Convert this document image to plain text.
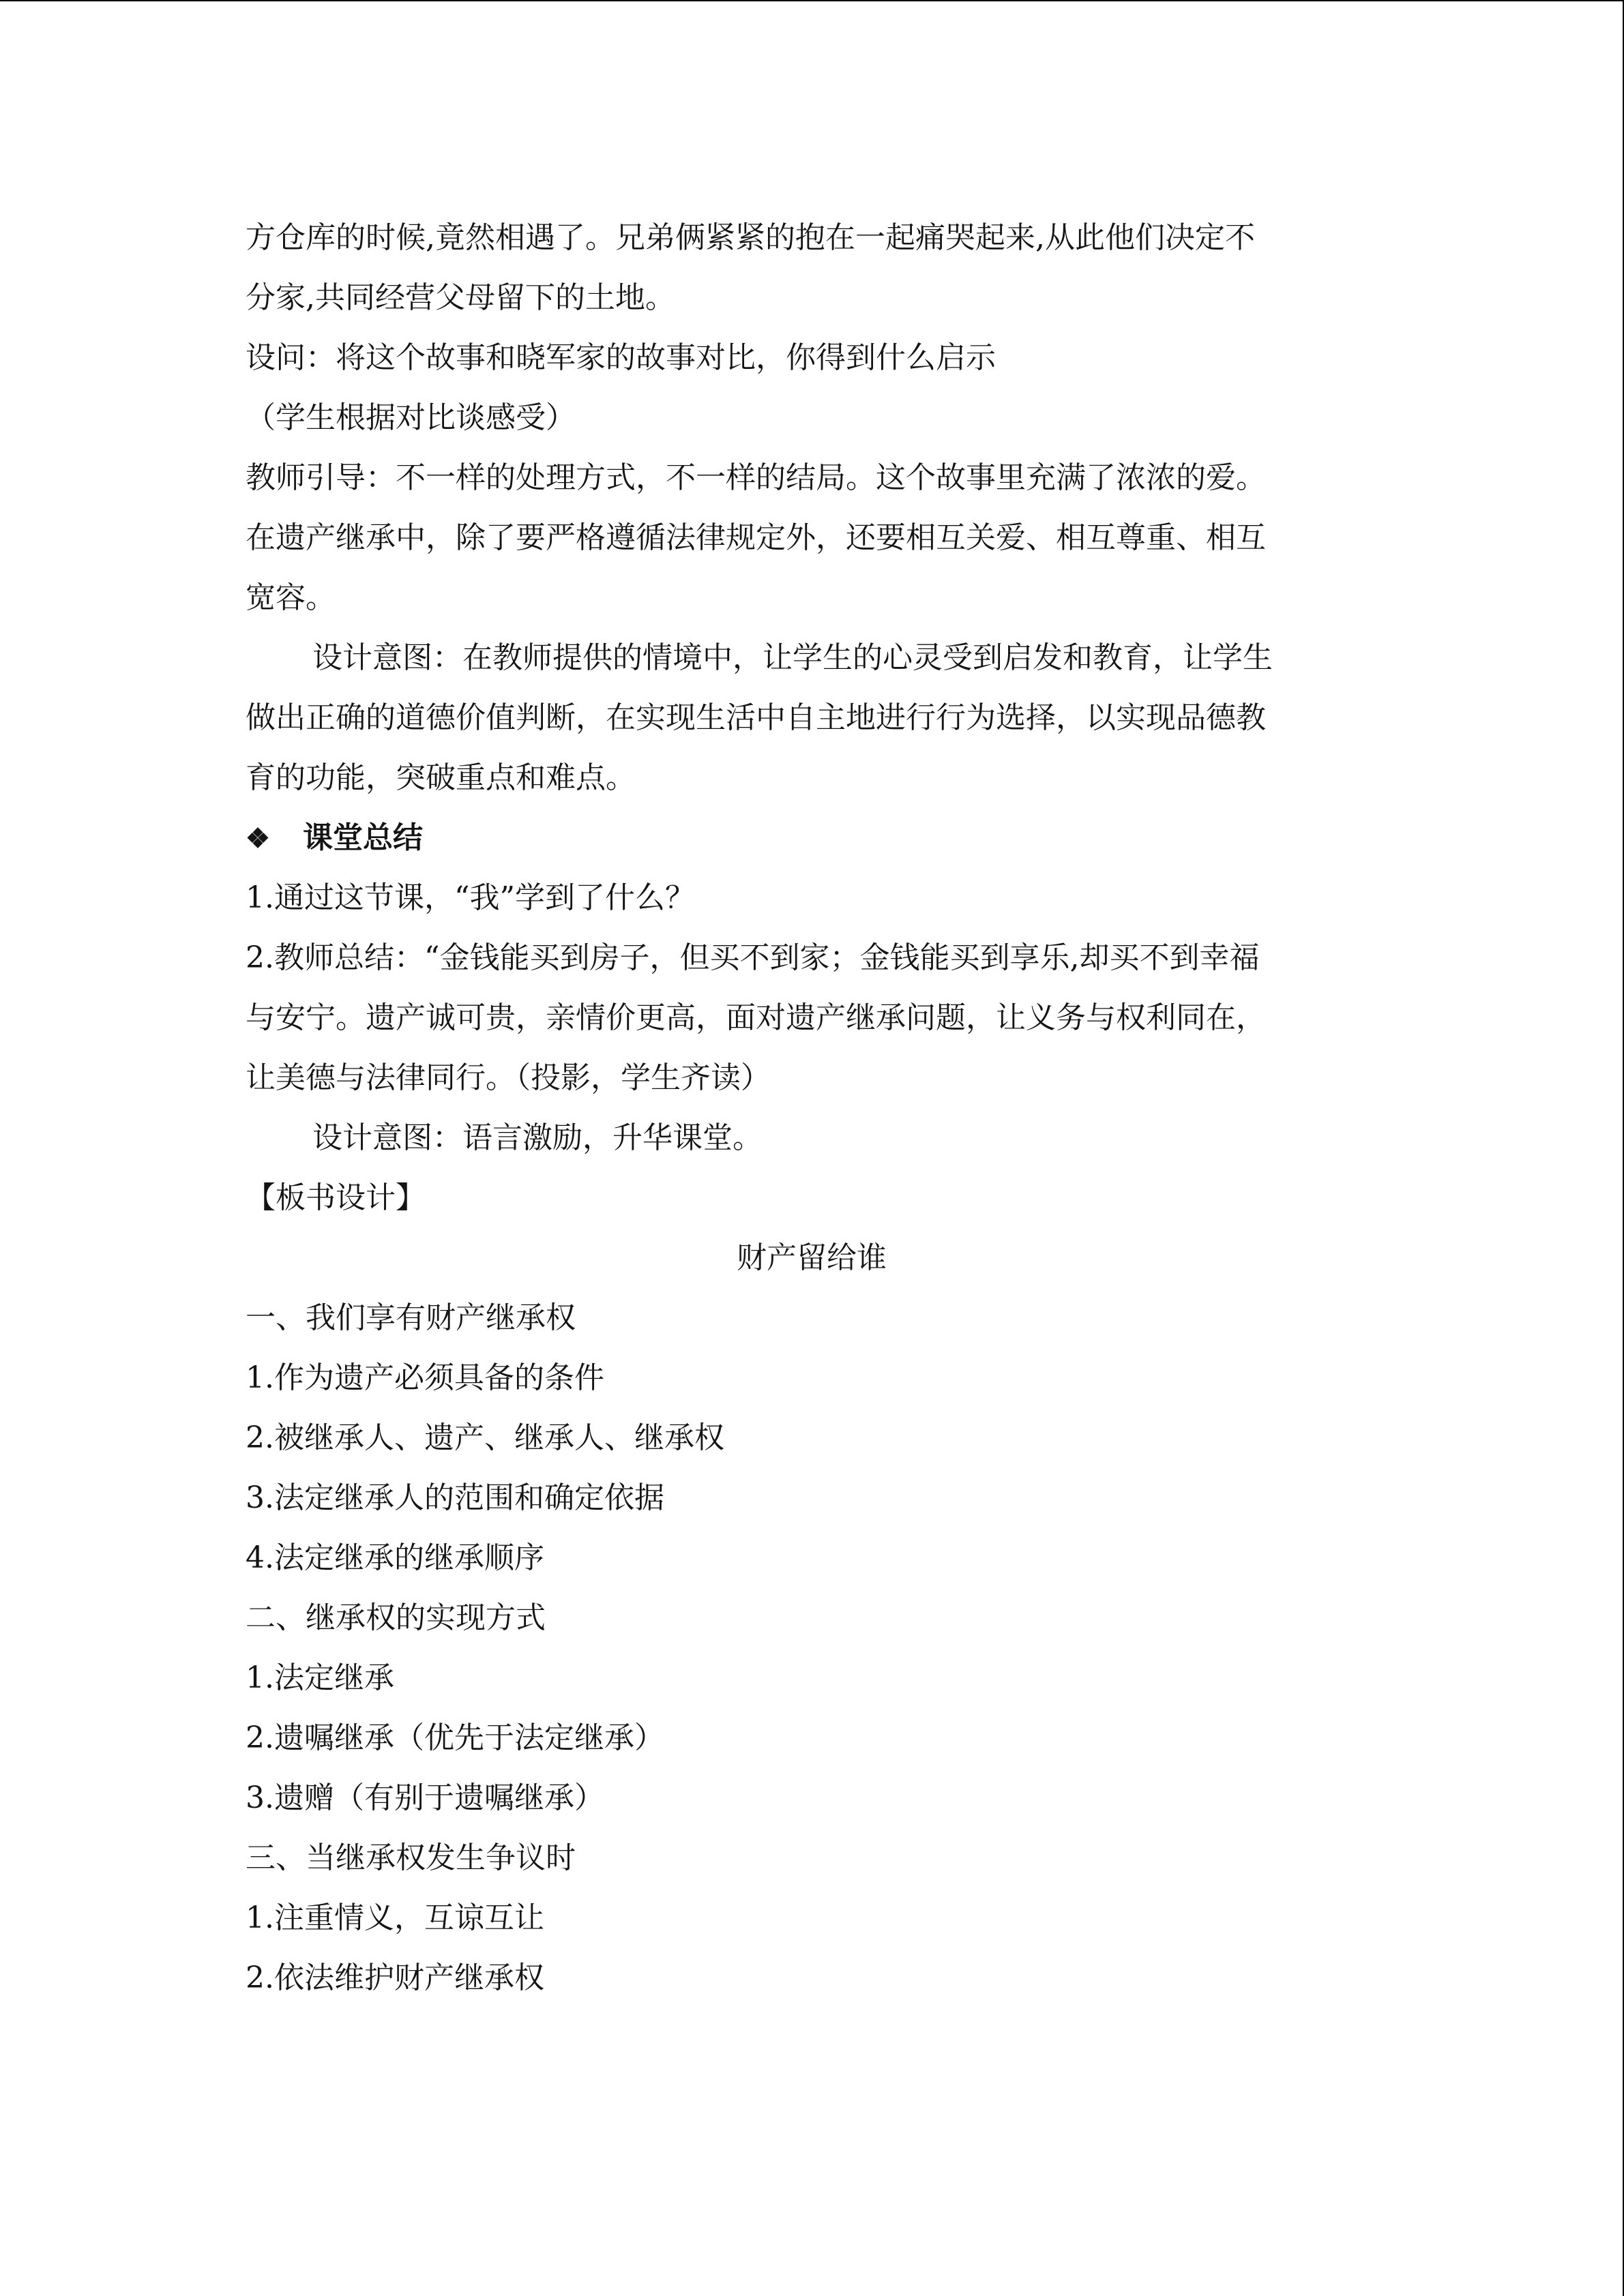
方仓库的时候,竟然相遇了。兄弟俩紧紧的抱在一起痛哭起来,从此他们决定不
分家,共同经营父母留下的土地。
设问：将这个故事和晓军家的故事对比，你得到什么启示
（学生根据对比谈感受）
教师引导：不一样的处理方式，不一样的结局。这个故事里充满了浓浓的爱。
在遗产继承中，除了要严格遵循法律规定外，还要相互关爱、相互尊重、相互
宽容。
设计意图：在教师提供的情境中，让学生的心灵受到启发和教育，让学生
做出正确的道德价值判断，在实现生活中自主地进行行为选择，以实现品德教
育的功能，突破重点和难点。
❖ 课堂总结
1.通过这节课，“我”学到了什么？
2.教师总结：“金钱能买到房子，但买不到家；金钱能买到享乐,却买不到幸福
与安宁。遗产诚可贵，亲情价更高，面对遗产继承问题，让义务与权利同在，
让美德与法律同行。（投影，学生齐读）
设计意图：语言激励，升华课堂。
【板书设计】
财产留给谁
一、我们享有财产继承权
1.作为遗产必须具备的条件
2.被继承人、遗产、继承人、继承权
3.法定继承人的范围和确定依据
4.法定继承的继承顺序
二、继承权的实现方式
1.法定继承
2.遗嘱继承（优先于法定继承）
3.遗赠（有别于遗嘱继承）
三、当继承权发生争议时
1.注重情义，互谅互让
2.依法维护财产继承权
